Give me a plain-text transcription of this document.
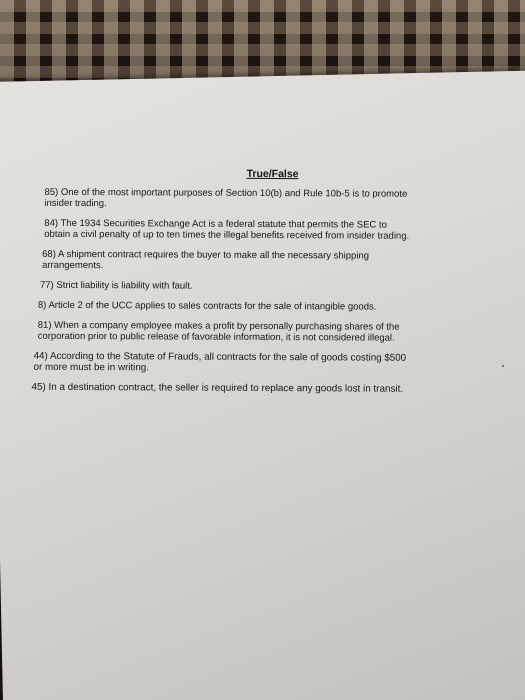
True/False
85) One of the most important purposes of Section 10(b) and Rule 10b-5 is to promote
insider trading.
84) The 1934 Securities Exchange Act is a federal statute that permits the SEC to
obtain a civil penalty of up to ten times the illegal benefits received from insider trading.
68) A shipment contract requires the buyer to make all the necessary shipping
arrangements.
77) Strict liability is liability with fault.
8) Article 2 of the UCC applies to sales contracts for the sale of intangible goods.
81) When a company employee makes a profit by personally purchasing shares of the
corporation prior to public release of favorable information, it is not considered illegal.
44) According to the Statute of Frauds, all contracts for the sale of goods costing $500
or more must be in writing.
45) In a destination contract, the seller is required to replace any goods lost in transit.
